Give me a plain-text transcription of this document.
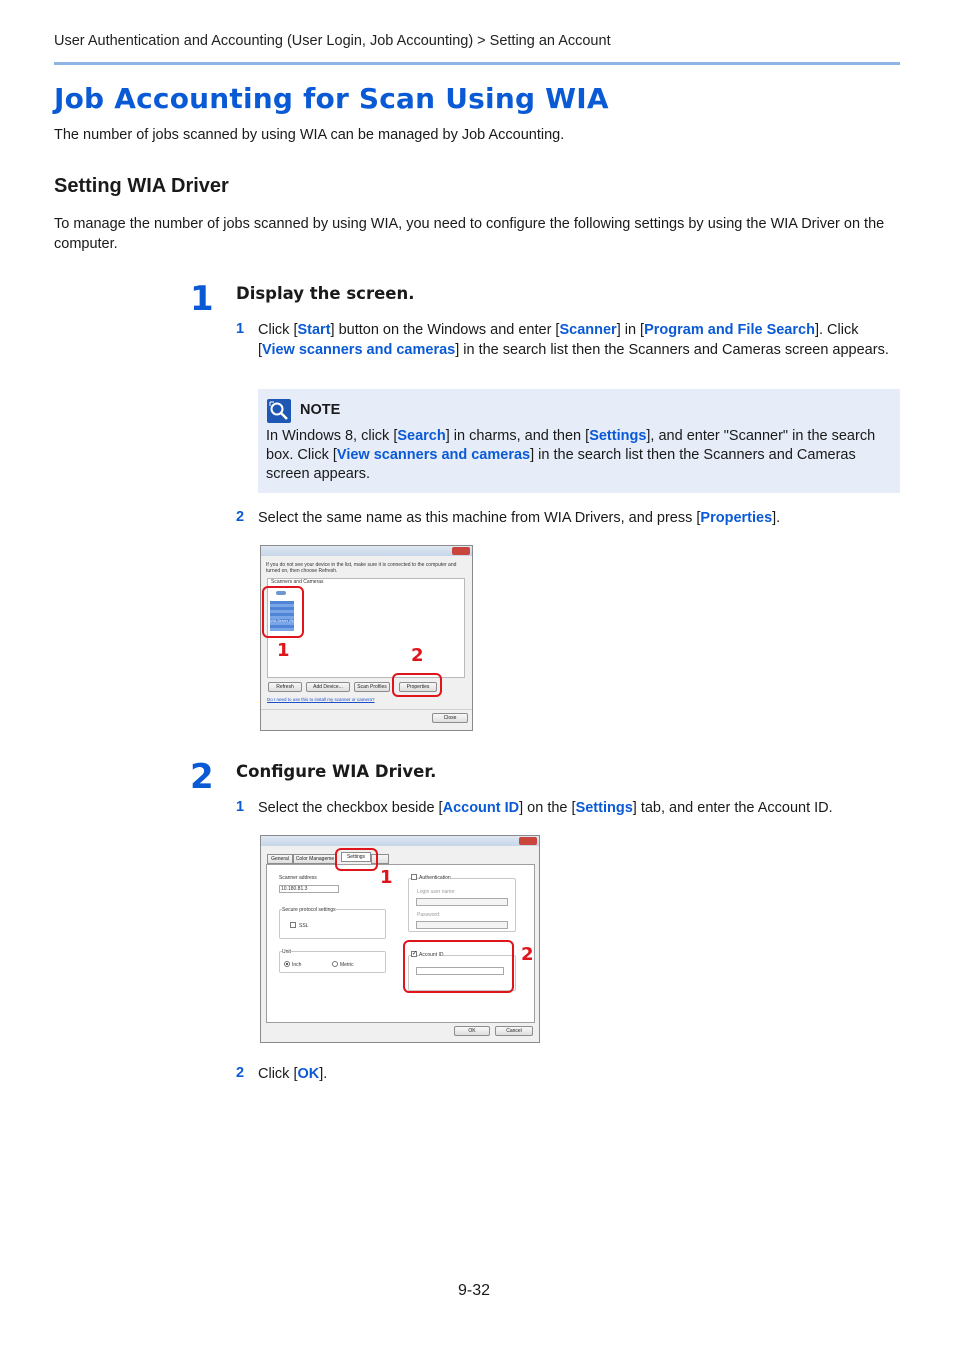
User Authentication and Accounting (User Login, Job Accounting) > Setting an Account
Job Accounting for Scan Using WIA
The number of jobs scanned by using WIA can be managed by Job Accounting.
Setting WIA Driver
To manage the number of jobs scanned by using WIA, you need to configure the following settings by using the WIA Driver on the computer.
1 Display the screen.
1 Click [Start] button on the Windows and enter [Scanner] in [Program and File Search]. Click [View scanners and cameras] in the search list then the Scanners and Cameras screen appears.
NOTE
In Windows 8, click [Search] in charms, and then [Settings], and enter "Scanner" in the search box. Click [View scanners and cameras] in the search list then the Scanners and Cameras screen appears.
2 Select the same name as this machine from WIA Drivers, and press [Properties].
If you do not see your device in the list, make sure it is connected to the computer and turned on, then choose Refresh.
Scanners and Cameras
WIA Driver (Network)
Refresh	Add Device...	Scan Profiles	Properties
Do I need to use this to install my scanner or camera?
Close
1	2
2 Configure WIA Driver.
1 Select the checkbox beside [Account ID] on the [Settings] tab, and enter the Account ID.
General	Color Manageme	Settings
Scanner address
10.180.81.3
Secure protocol settings
SSL
Unit
Inch	Metric
Authentication
Login user name:
Password:
✓ Account ID
OK	Cancel
1
2
2 Click [OK].
9-32
